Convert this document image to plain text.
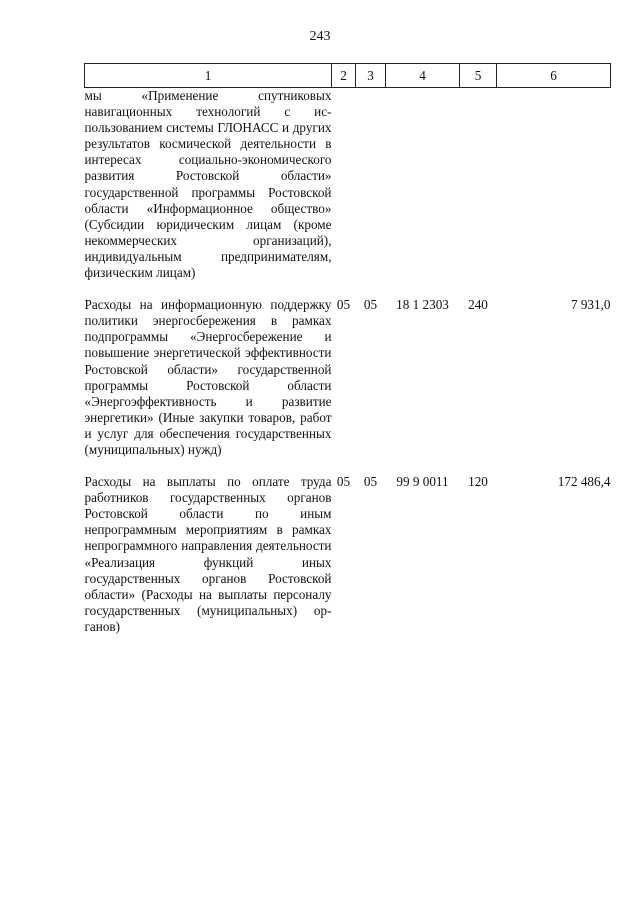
243
1	2	3	4	5	6
мы «Применение спутниковых навигационных технологий с использованием системы ГЛОНАСС и других результатов космической деятельности в интересах социально-экономического развития Ростовской области» государственной программы Ростовской области «Информационное общество» (Субсидии юридическим лицам (кроме некоммерческих организаций), индивидуальным предпринимателям, физическим лицам)					

Расходы на информационную поддержку политики энергосбережения в рамках подпрограммы «Энергосбережение и повышение энергетической эффективности Ростовской области» государственной программы Ростовской области «Энергоэффективность и развитие энергетики» (Иные закупки товаров, работ и услуг для обеспечения государственных (муниципальных) нужд)	05	05	18 1 2303	240	7 931,0

Расходы на выплаты по оплате труда работников государственных органов Ростовской области по иным непрограммным мероприятиям в рамках непрограммного направления деятельности «Реализация функций иных государственных органов Ростовской области» (Расходы на выплаты персоналу государственных (муниципальных) органов)	05	05	99 9 0011	120	172 486,4
